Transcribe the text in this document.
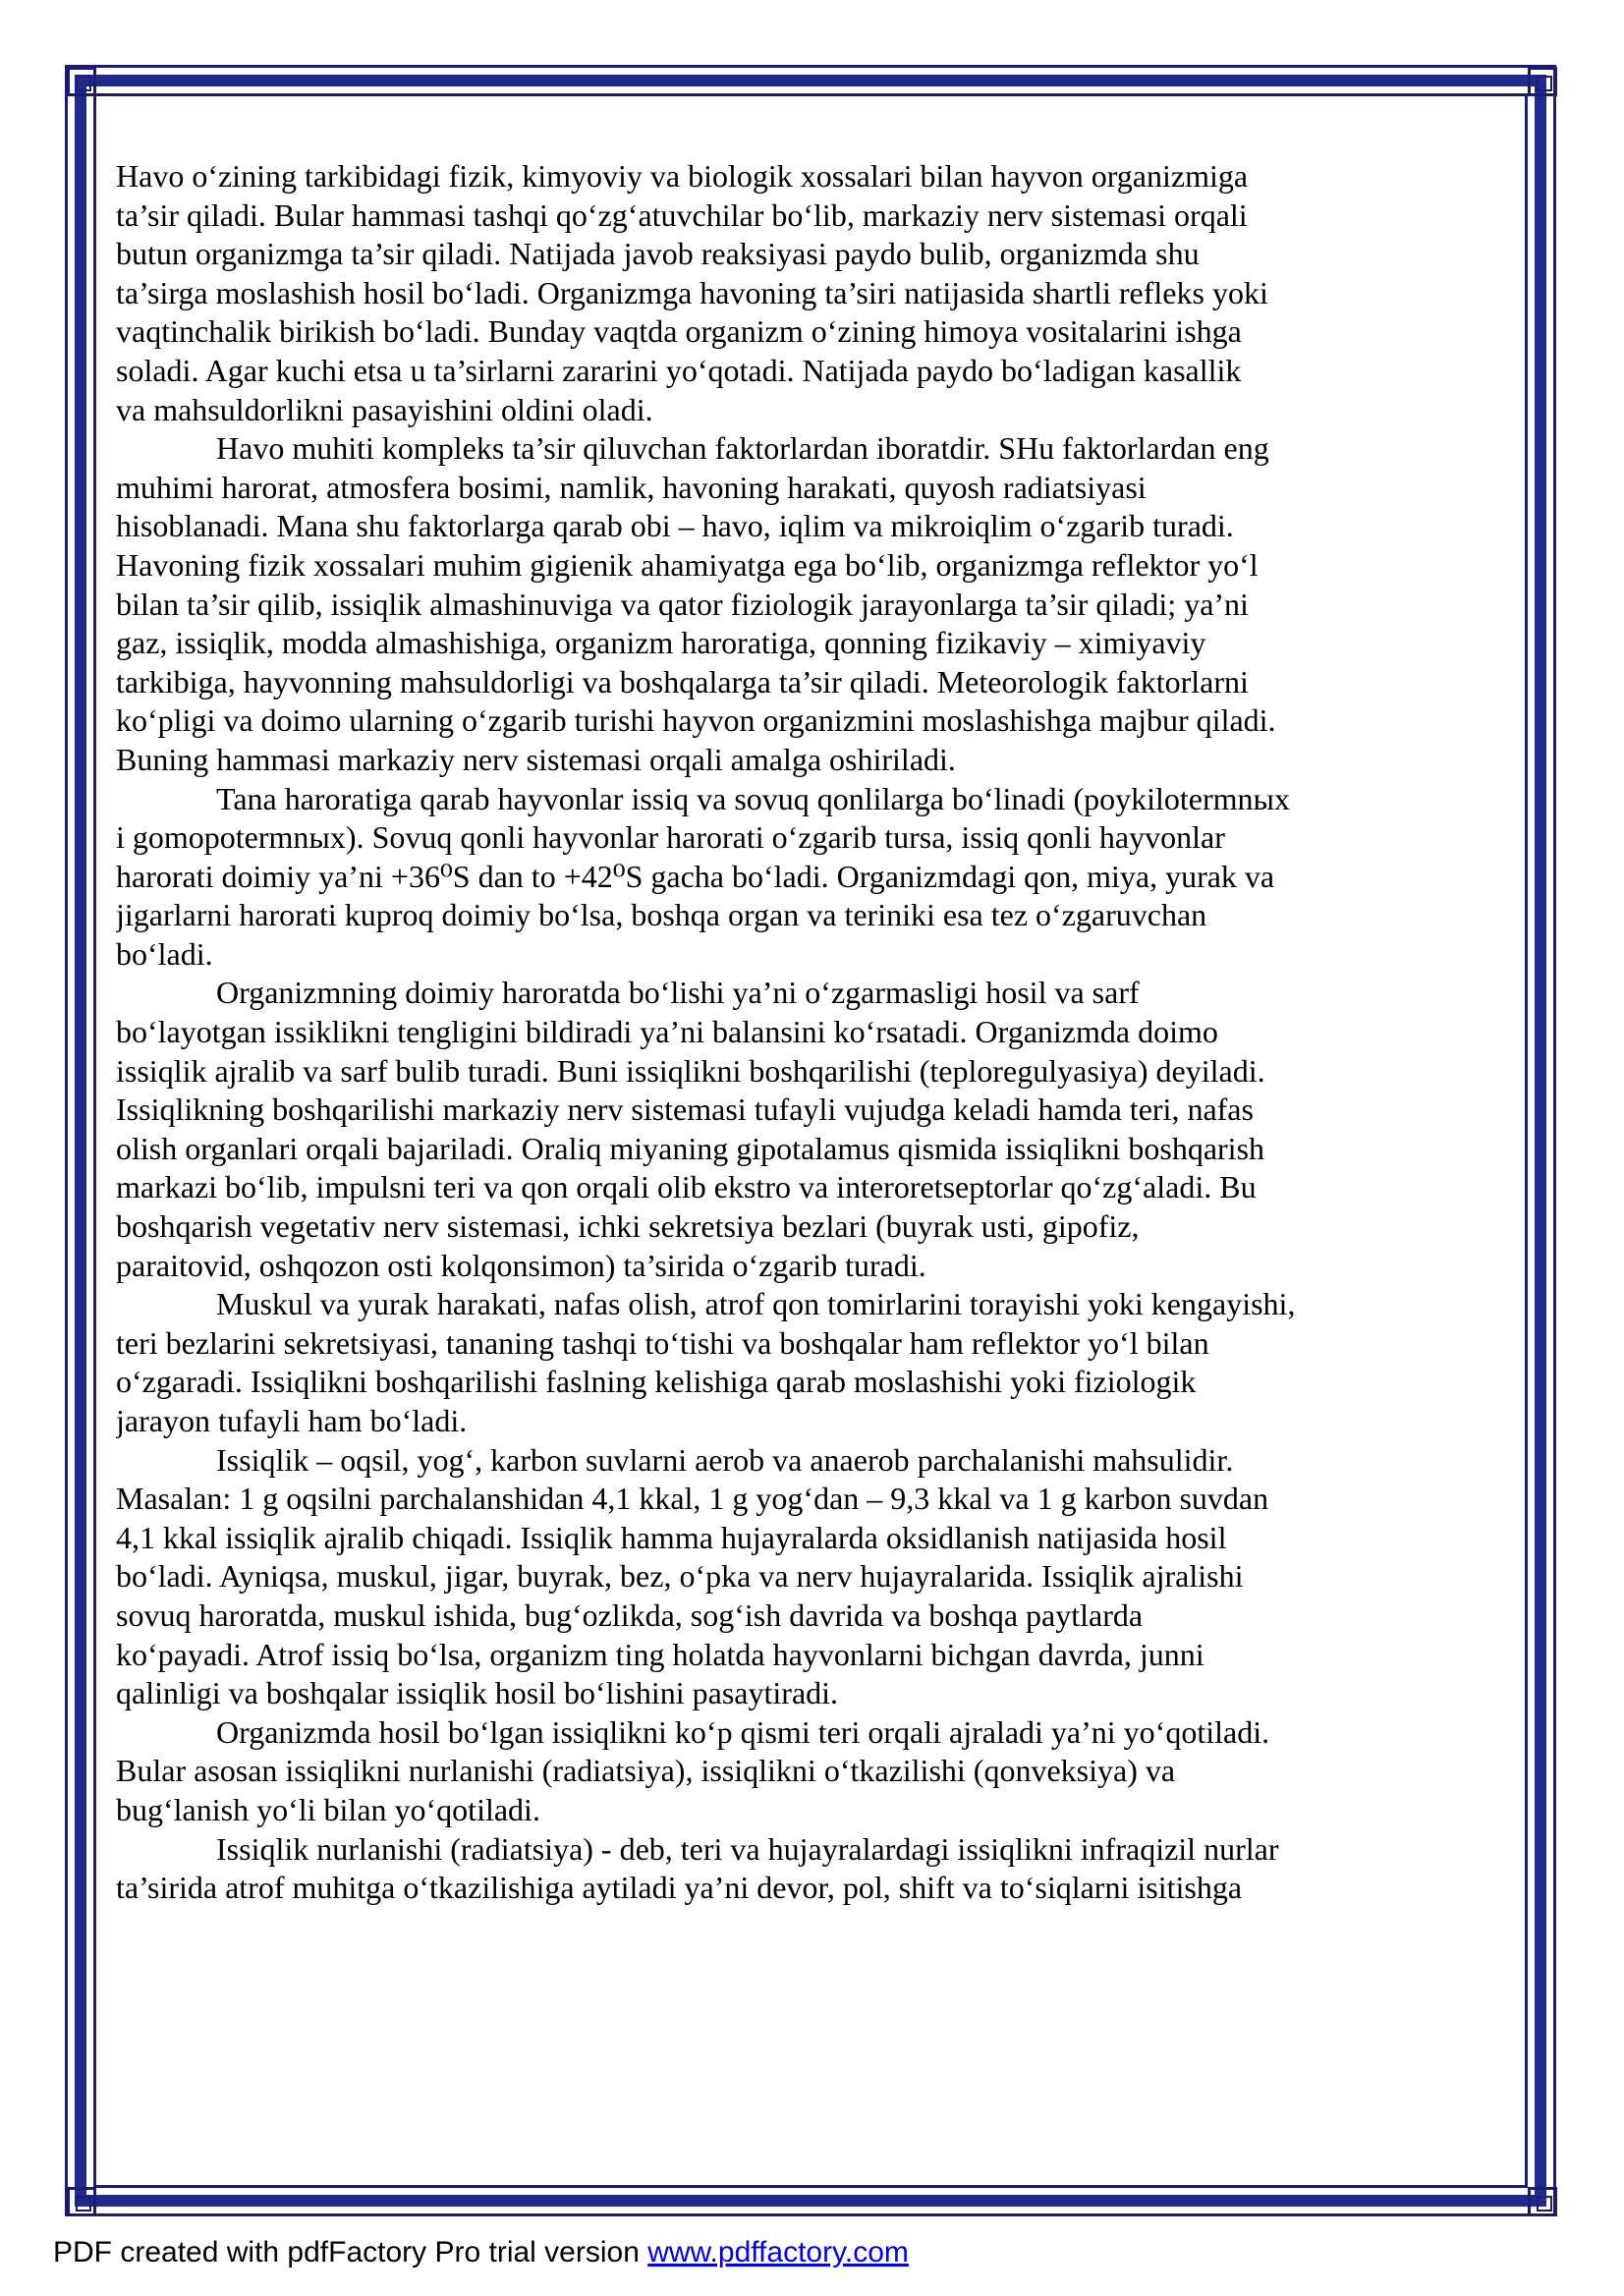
Havo o‘zining tarkibidagi fizik, kimyoviy va biologik xossalari bilan hayvon organizmiga

ta’sir qiladi. Bular hammasi tashqi qo‘zg‘atuvchilar bo‘lib, markaziy nerv sistemasi orqali

butun organizmga ta’sir qiladi. Natijada javob reaksiyasi paydo bulib, organizmda shu

ta’sirga moslashish hosil bo‘ladi. Organizmga havoning ta’siri natijasida shartli refleks yoki

vaqtinchalik birikish bo‘ladi. Bunday vaqtda organizm o‘zining himoya vositalarini ishga

soladi. Agar kuchi etsa u ta’sirlarni zararini yo‘qotadi. Natijada paydo bo‘ladigan kasallik

va mahsuldorlikni pasayishini oldini oladi.

Havo muhiti kompleks ta’sir qiluvchan faktorlardan iboratdir. SHu faktorlardan eng

muhimi harorat, atmosfera bosimi, namlik, havoning harakati, quyosh radiatsiyasi

hisoblanadi. Mana shu faktorlarga qarab obi – havo, iqlim va mikroiqlim o‘zgarib turadi.

Havoning fizik xossalari muhim gigienik ahamiyatga ega bo‘lib, organizmga reflektor yo‘l

bilan ta’sir qilib, issiqlik almashinuviga va qator fiziologik jarayonlarga ta’sir qiladi; ya’ni

gaz, issiqlik, modda almashishiga, organizm haroratiga, qonning fizikaviy – ximiyaviy

tarkibiga, hayvonning mahsuldorligi va boshqalarga ta’sir qiladi. Meteorologik faktorlarni

ko‘pligi va doimo ularning o‘zgarib turishi hayvon organizmini moslashishga majbur qiladi.

Buning hammasi markaziy nerv sistemasi orqali amalga oshiriladi.

Tana haroratiga qarab hayvonlar issiq va sovuq qonlilarga bo‘linadi (poykilotermnыx

i gomopotermnых). Sovuq qonli hayvonlar harorati o‘zgarib tursa, issiq qonli hayvonlar

harorati doimiy ya’ni +36⁰S dan to +42⁰S gacha bo‘ladi. Organizmdagi qon, miya, yurak va

jigarlarni harorati kuproq doimiy bo‘lsa, boshqa organ va teriniki esa tez o‘zgaruvchan

bo‘ladi.

Organizmning doimiy haroratda bo‘lishi ya’ni o‘zgarmasligi hosil va sarf

bo‘layotgan issiklikni tengligini bildiradi ya’ni balansini ko‘rsatadi. Organizmda doimo

issiqlik ajralib va sarf bulib turadi. Buni issiqlikni boshqarilishi (teploregulyasiya) deyiladi.

Issiqlikning boshqarilishi markaziy nerv sistemasi tufayli vujudga keladi hamda teri, nafas

olish organlari orqali bajariladi. Oraliq miyaning gipotalamus qismida issiqlikni boshqarish

markazi bo‘lib, impulsni teri va qon orqali olib ekstro va interoretseptorlar qo‘zg‘aladi. Bu

boshqarish vegetativ nerv sistemasi, ichki sekretsiya bezlari (buyrak usti, gipofiz,

paraitovid, oshqozon osti kolqonsimon) ta’sirida o‘zgarib turadi.

Muskul va yurak harakati, nafas olish, atrof qon tomirlarini torayishi yoki kengayishi,

teri bezlarini sekretsiyasi, tananing tashqi to‘tishi va boshqalar ham reflektor yo‘l bilan

o‘zgaradi. Issiqlikni boshqarilishi faslning kelishiga qarab moslashishi yoki fiziologik

jarayon tufayli ham bo‘ladi.

Issiqlik – oqsil, yog‘, karbon suvlarni aerob va anaerob parchalanishi mahsulidir.

Masalan: 1 g oqsilni parchalanshidan 4,1 kkal, 1 g yog‘dan – 9,3 kkal va 1 g karbon suvdan

4,1 kkal issiqlik ajralib chiqadi. Issiqlik hamma hujayralarda oksidlanish natijasida hosil

bo‘ladi. Ayniqsa, muskul, jigar, buyrak, bez, o‘pka va nerv hujayralarida. Issiqlik ajralishi

sovuq haroratda, muskul ishida, bug‘ozlikda, sog‘ish davrida va boshqa paytlarda

ko‘payadi. Atrof issiq bo‘lsa, organizm ting holatda hayvonlarni bichgan davrda, junni

qalinligi va boshqalar issiqlik hosil bo‘lishini pasaytiradi.

Organizmda hosil bo‘lgan issiqlikni ko‘p qismi teri orqali ajraladi ya’ni yo‘qotiladi.

Bular asosan issiqlikni nurlanishi (radiatsiya), issiqlikni o‘tkazilishi (qonveksiya) va

bug‘lanish yo‘li bilan yo‘qotiladi.

Issiqlik nurlanishi (radiatsiya) - deb, teri va hujayralardagi issiqlikni infraqizil nurlar

ta’sirida atrof muhitga o‘tkazilishiga aytiladi ya’ni devor, pol, shift va to‘siqlarni isitishga

PDF created with pdfFactory Pro trial version www.pdffactory.com
